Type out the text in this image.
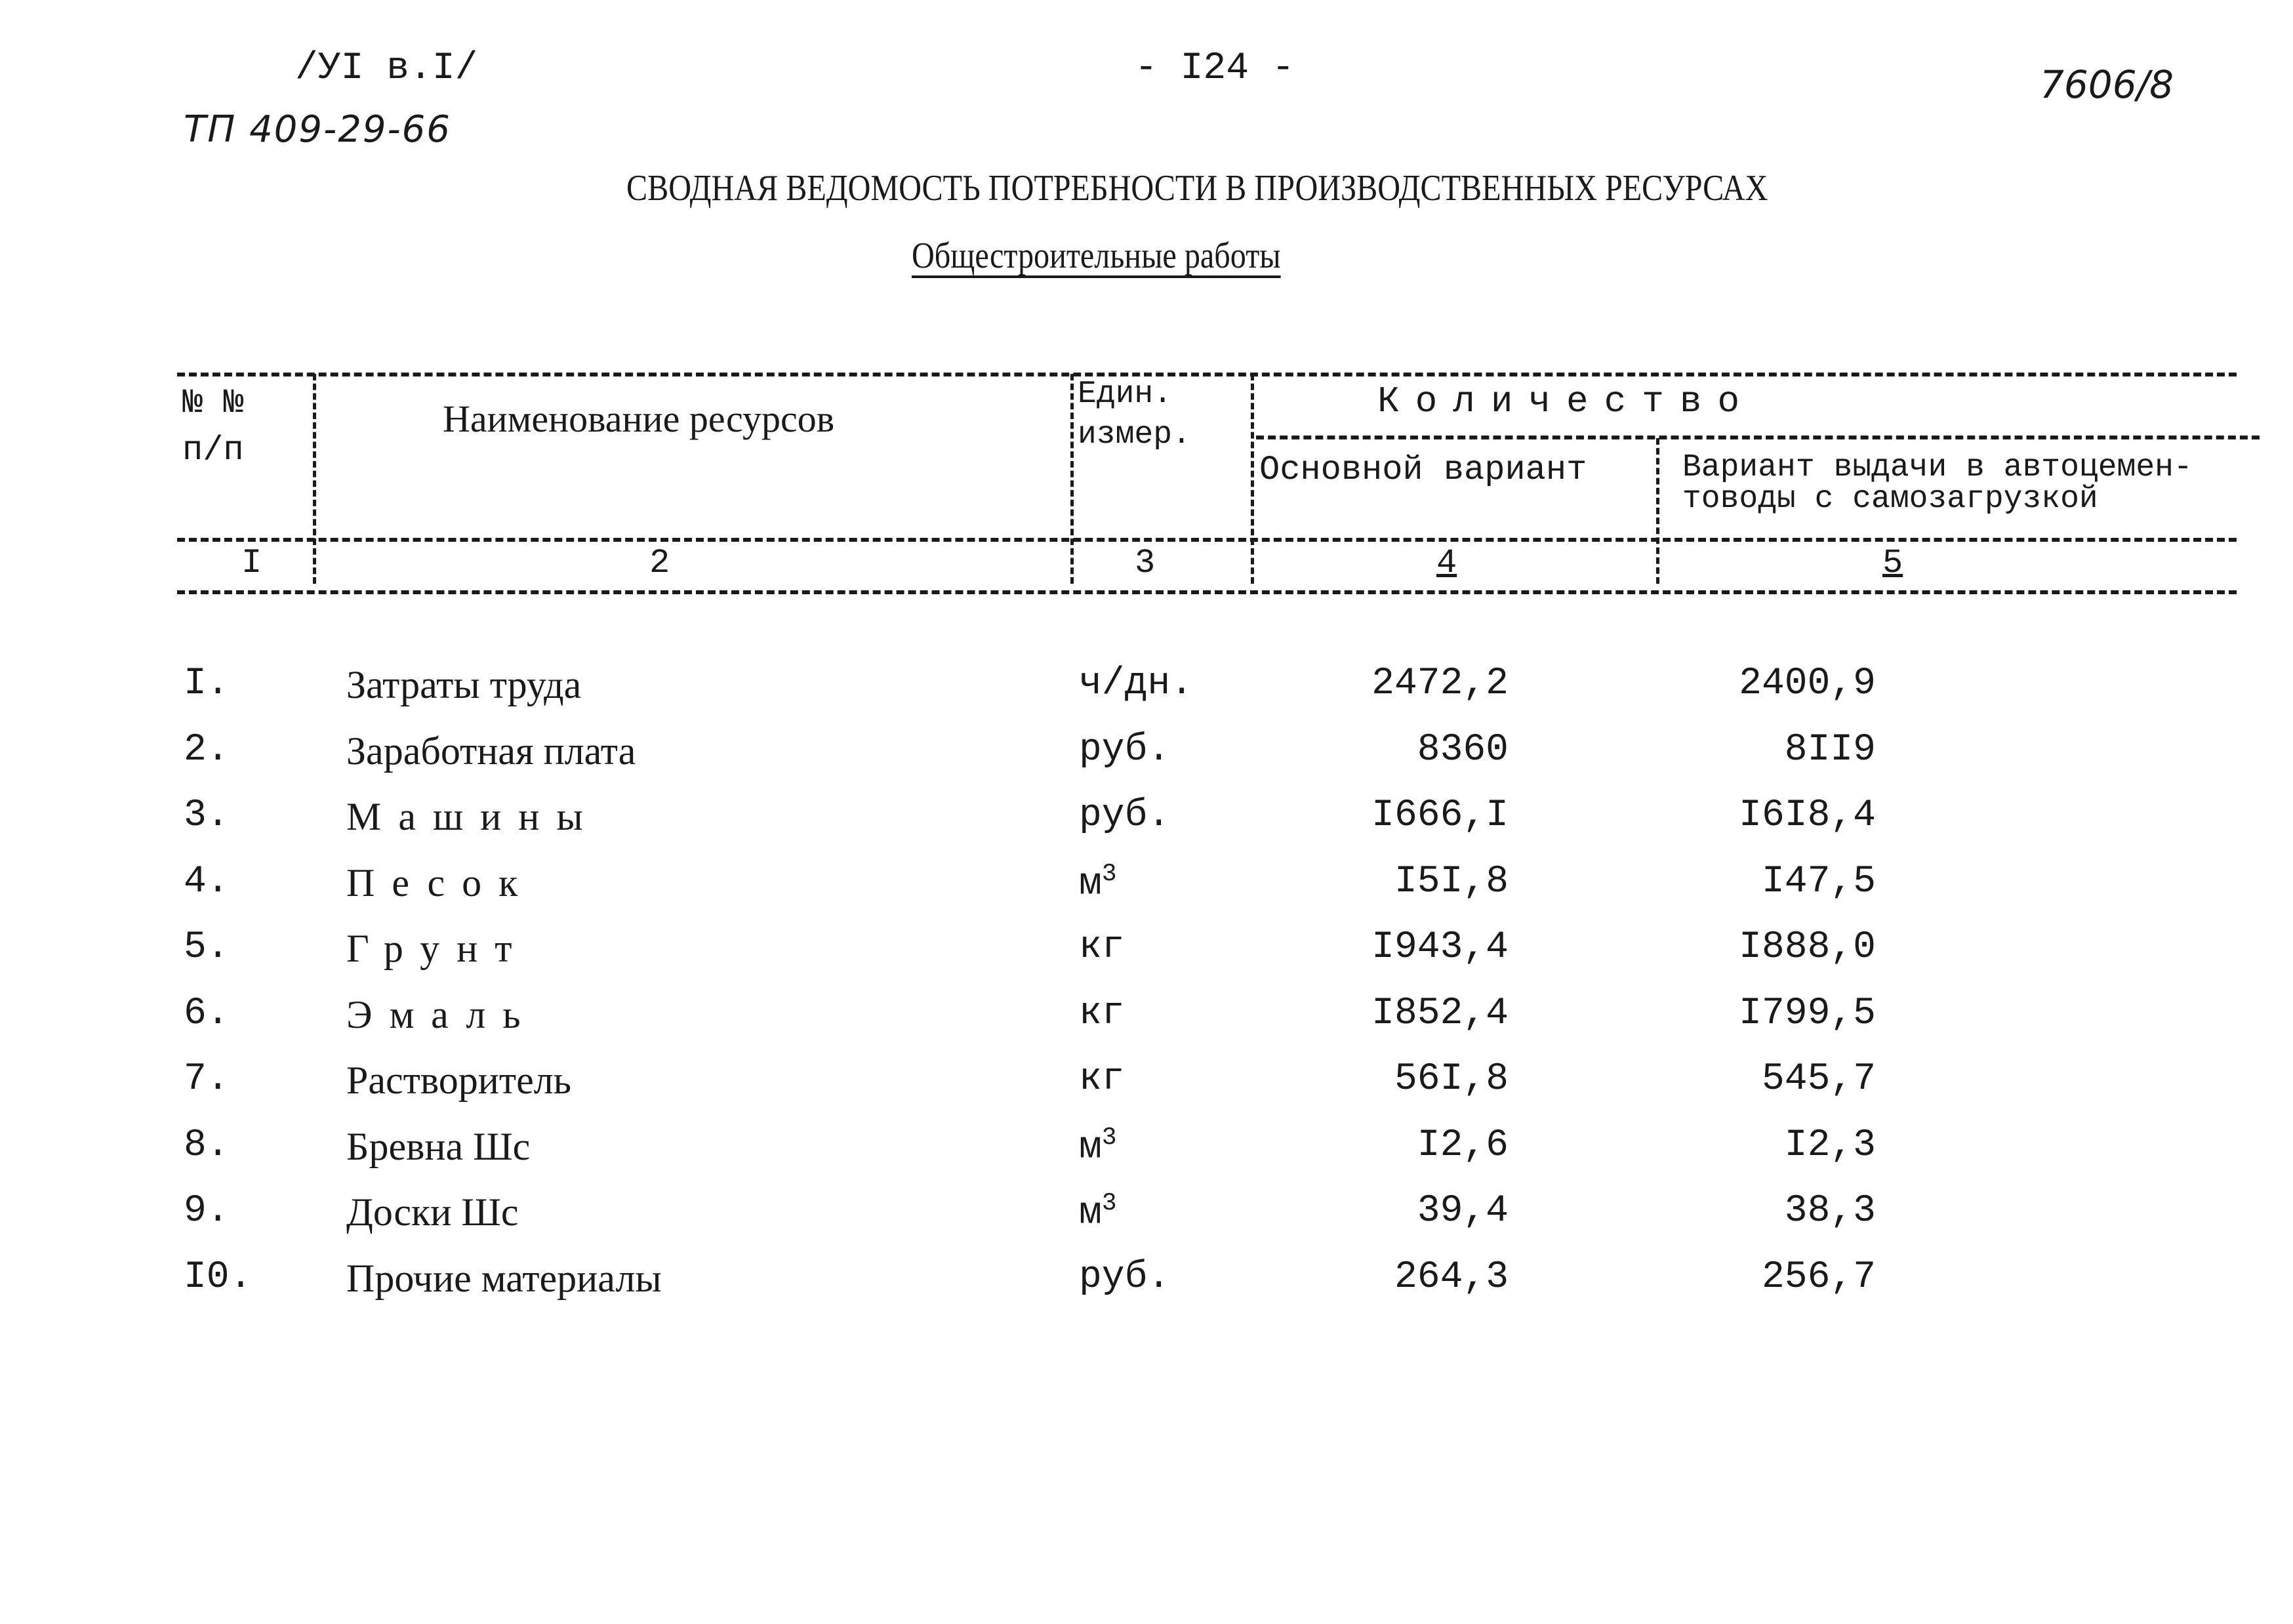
/УI в.I/
ТП 409-29-66
- I24 -	7606/8
СВОДНАЯ ВЕДОМОСТЬ ПОТРЕБНОСТИ В ПРОИЗВОДСТВЕННЫХ РЕСУРСАХ
Общестроительные работы
№ №
п/п
Наименование ресурсов
Един.
измер.
Количество
Основной вариант	Вариант выдачи в автоцемен-
товоды с самозагрузкой
I	2	3	4	5
I.	Затраты труда	ч/дн.	2472,2	2400,9
2.	Заработная плата	руб.	8360	8II9
3.	Машины	руб.	I666,I	I6I8,4
4.	Песок	$м^3$	I5I,8	I47,5
5.	Грунт	кг	I943,4	I888,0
6.	Эмаль	кг	I852,4	I799,5
7.	Растворитель	кг	56I,8	545,7
8.	Бревна Шс	$м^3$	I2,6	I2,3
9.	Доски Шс	$м^3$	39,4	38,3
I0. Прочие материалы	руб.	264,3	256,7
